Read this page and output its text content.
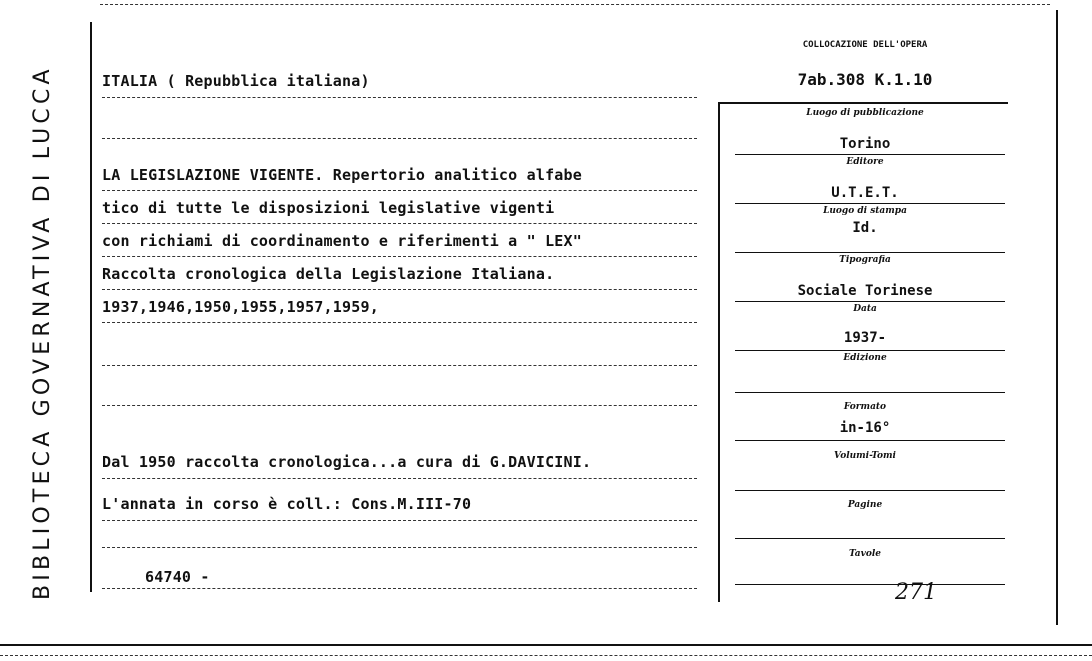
BIBLIOTECA GOVERNATIVA DI LUCCA
COLLOCAZIONE DELL'OPERA
7ab.308 K.1.10
ITALIA ( Repubblica italiana)
LA LEGISLAZIONE VIGENTE. Repertorio analitico alfabe
tico di tutte le disposizioni legislative vigenti
con richiami di coordinamento e riferimenti a " LEX"
Raccolta cronologica della Legislazione Italiana.
1937,1946,1950,1955,1957,1959,
Dal 1950 raccolta cronologica...a cura di G.DAVICINI.
L'annata in corso è coll.: Cons.M.III-70
64740 -
Luogo di pubblicazione
Torino
Editore
U.T.E.T.
Luogo di stampa
Id.
Tipografia
Sociale Torinese
Data
1937-
Edizione
Formato
in-16°
Volumi-Tomi
Pagine
Tavole
271
